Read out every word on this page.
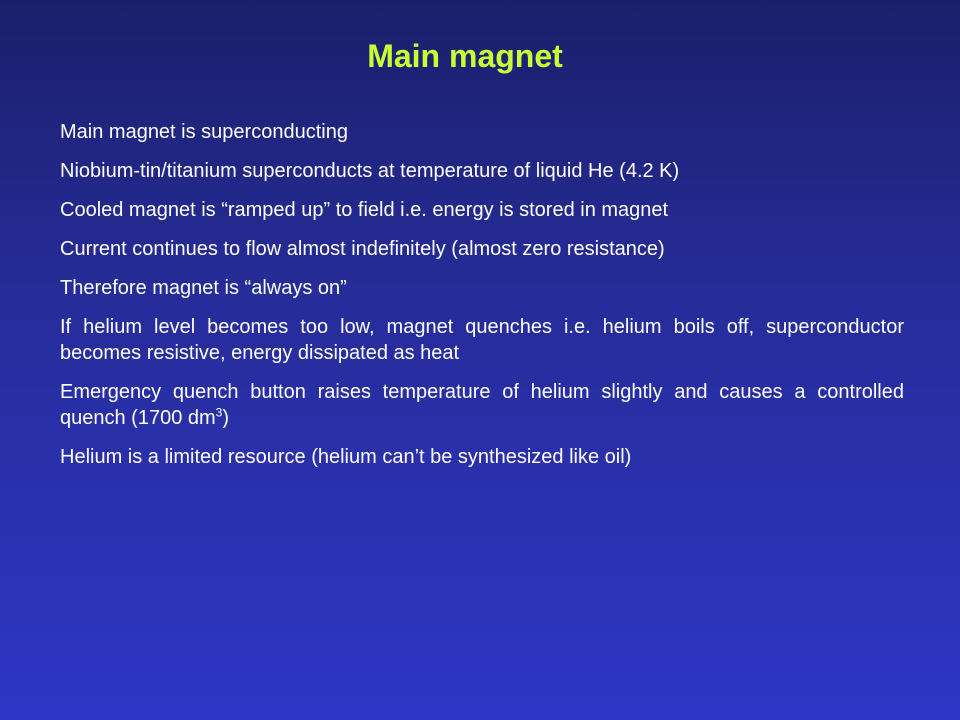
Main magnet
Main magnet is superconducting
Niobium-tin/titanium superconducts at temperature of liquid He (4.2 K)
Cooled magnet is “ramped up” to field i.e. energy is stored in magnet
Current continues to flow almost indefinitely (almost zero resistance)
Therefore magnet is “always on”
If helium level becomes too low, magnet quenches i.e. helium boils off, superconductor becomes resistive, energy dissipated as heat
Emergency quench button raises temperature of helium slightly and causes a controlled quench (1700 $dm^3$)
Helium is a limited resource (helium can’t be synthesized like oil)
